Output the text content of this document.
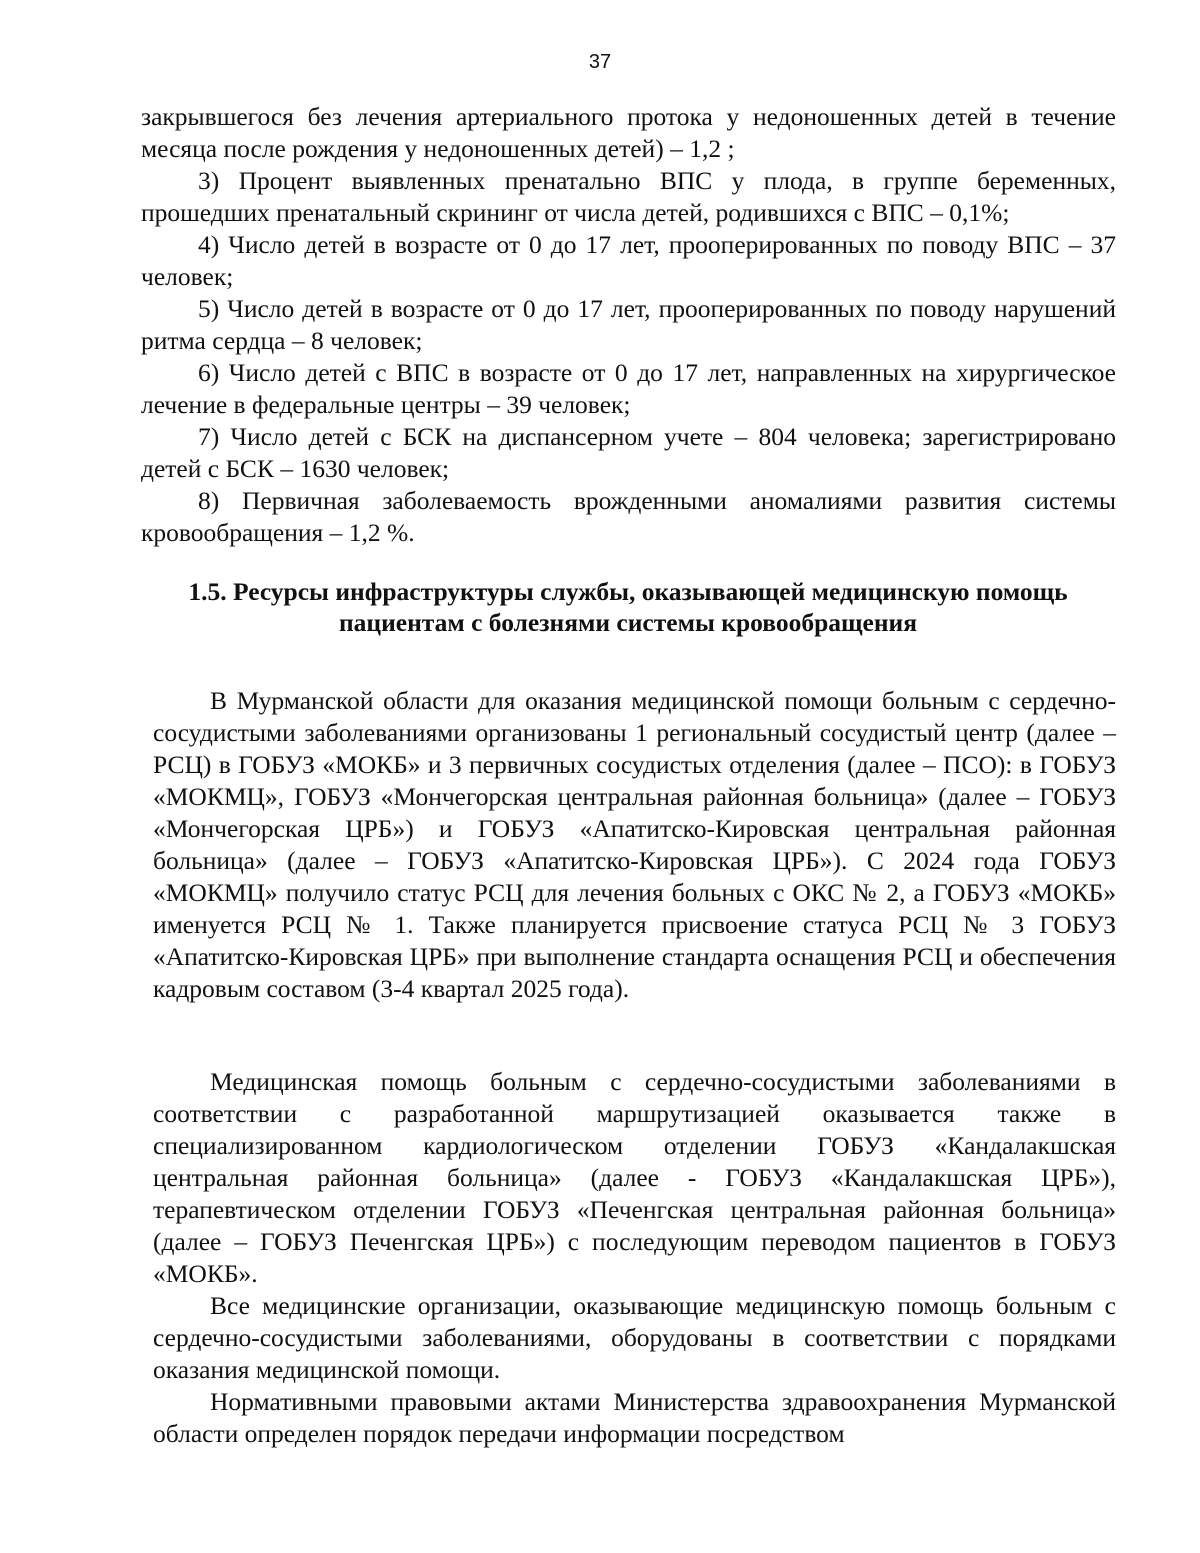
37

закрывшегося без лечения артериального протока у недоношенных детей в течение месяца после рождения у недоношенных детей) – 1,2 ;

3) Процент выявленных пренатально ВПС у плода, в группе беременных, прошедших пренатальный скрининг от числа детей, родившихся с ВПС – 0,1%;

4) Число детей в возрасте от 0 до 17 лет, прооперированных по поводу ВПС – 37 человек;

5) Число детей в возрасте от 0 до 17 лет, прооперированных по поводу нарушений ритма сердца – 8 человек;

6) Число детей с ВПС в возрасте от 0 до 17 лет, направленных на хирургическое лечение в федеральные центры – 39 человек;

7) Число детей с БСК на диспансерном учете – 804 человека; зарегистрировано детей с БСК – 1630 человек;

8) Первичная заболеваемость врожденными аномалиями развития системы кровообращения – 1,2 %.

1.5. Ресурсы инфраструктуры службы, оказывающей медицинскую помощь
пациентам с болезнями системы кровообращения

В Мурманской области для оказания медицинской помощи больным с сердечно-сосудистыми заболеваниями организованы 1 региональный сосудистый центр (далее – РСЦ) в ГОБУЗ «МОКБ» и 3 первичных сосудистых отделения (далее – ПСО): в ГОБУЗ «МОКМЦ», ГОБУЗ «Мончегорская центральная районная больница» (далее – ГОБУЗ «Мончегорская ЦРБ») и ГОБУЗ «Апатитско-Кировская центральная районная больница» (далее – ГОБУЗ «Апатитско-Кировская ЦРБ»). С 2024 года ГОБУЗ «МОКМЦ» получило статус РСЦ для лечения больных с ОКС № 2, а ГОБУЗ «МОКБ» именуется РСЦ № 1. Также планируется присвоение статуса РСЦ № 3 ГОБУЗ «Апатитско-Кировская ЦРБ» при выполнение стандарта оснащения РСЦ и обеспечения кадровым составом (3-4 квартал 2025 года).

Медицинская помощь больным с сердечно-сосудистыми заболеваниями в соответствии с разработанной маршрутизацией оказывается также в специализированном кардиологическом отделении ГОБУЗ «Кандалакшская центральная районная больница» (далее - ГОБУЗ «Кандалакшская ЦРБ»), терапевтическом отделении ГОБУЗ «Печенгская центральная районная больница» (далее – ГОБУЗ Печенгская ЦРБ») с последующим переводом пациентов в ГОБУЗ «МОКБ».

Все медицинские организации, оказывающие медицинскую помощь больным с сердечно-сосудистыми заболеваниями, оборудованы в соответствии с порядками оказания медицинской помощи.

Нормативными правовыми актами Министерства здравоохранения Мурманской области определен порядок передачи информации посредством
